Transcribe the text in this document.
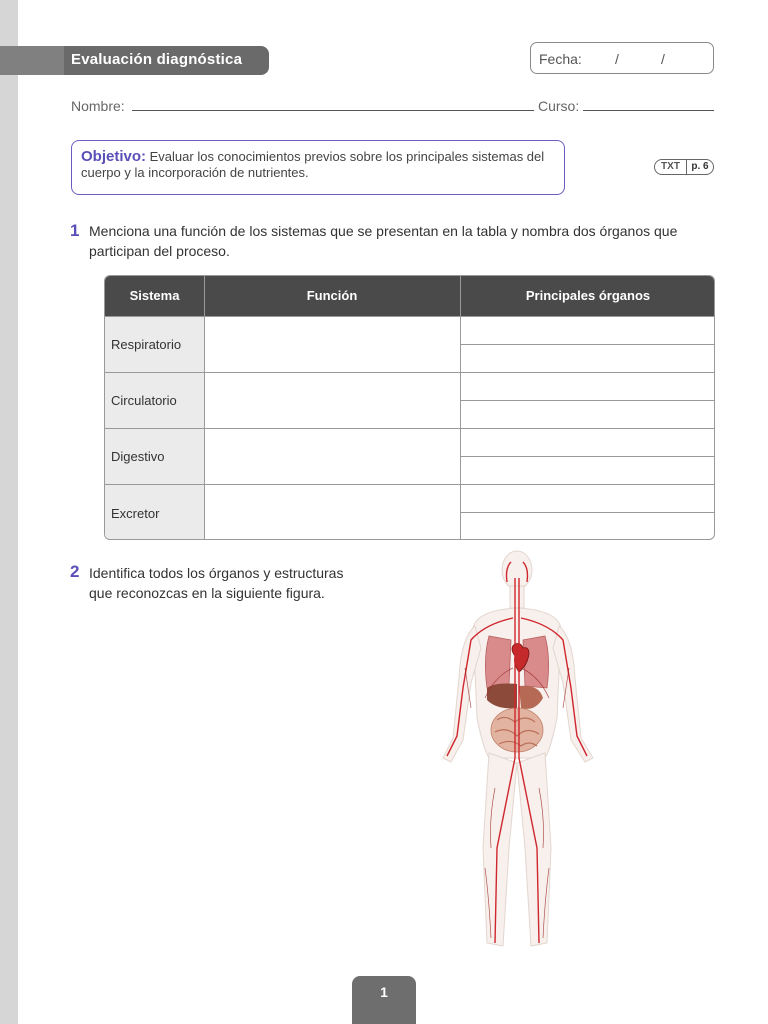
Evaluación diagnóstica	Fecha: /	/
Nombre:	Curso:
Objetivo: Evaluar los conocimientos previos sobre los principales sistemas del cuerpo y la incorporación de nutrientes.	TXT	p. 6
1 Menciona una función de los sistemas que se presentan en la tabla y nombra dos órganos que participan del proceso.
Sistema	Función	Principales órganos
Respiratorio
Circulatorio
Digestivo
Excretor
2 Identifica todos los órganos y estructuras que reconozcas en la siguiente figura.
1
